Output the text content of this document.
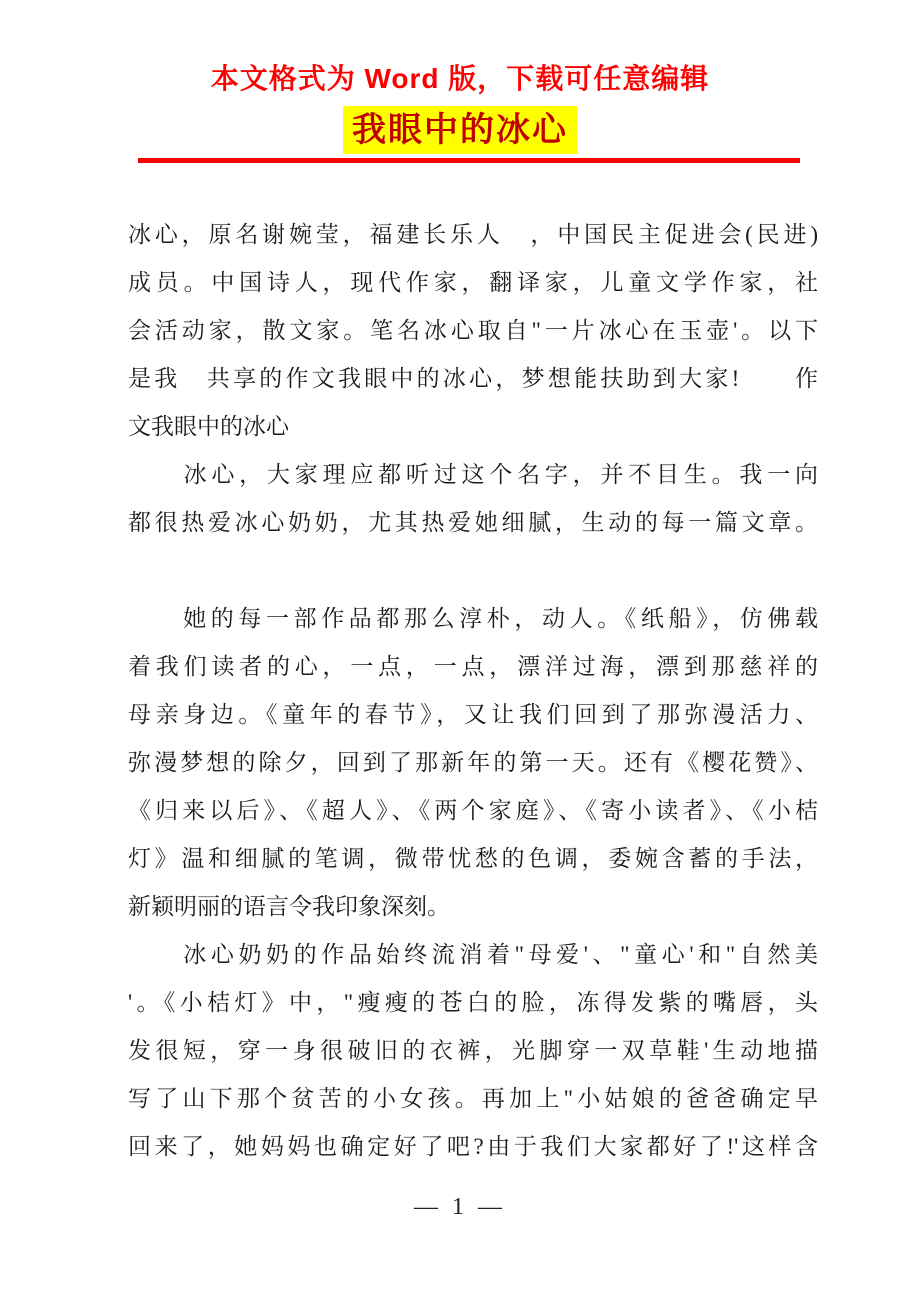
本文格式为 Word 版，下载可任意编辑
我眼中的冰心
冰心，原名谢婉莹，福建长乐人　，中国民主促进会(民进)
成员。中国诗人，现代作家，翻译家，儿童文学作家，社
会活动家，散文家。笔名冰心取自"一片冰心在玉壶'。以下
是我　共享的作文我眼中的冰心，梦想能扶助到大家!　　作
文我眼中的冰心
　　冰心，大家理应都听过这个名字，并不目生。我一向
都很热爱冰心奶奶，尤其热爱她细腻，生动的每一篇文章。
　　她的每一部作品都那么淳朴，动人。《纸船》，仿佛载
着我们读者的心，一点，一点，漂洋过海，漂到那慈祥的
母亲身边。《童年的春节》，又让我们回到了那弥漫活力、
弥漫梦想的除夕，回到了那新年的第一天。还有《樱花赞》、
《归来以后》、《超人》、《两个家庭》、《寄小读者》、《小桔
灯》温和细腻的笔调，微带忧愁的色调，委婉含蓄的手法，
新颖明丽的语言令我印象深刻。
　　冰心奶奶的作品始终流消着"母爱'、"童心'和"自然美
'。《小桔灯》中，"瘦瘦的苍白的脸，冻得发紫的嘴唇，头
发很短，穿一身很破旧的衣裤，光脚穿一双草鞋'生动地描
写了山下那个贫苦的小女孩。再加上"小姑娘的爸爸确定早
回来了，她妈妈也确定好了吧?由于我们大家都好了!'这样含
— 1 —
